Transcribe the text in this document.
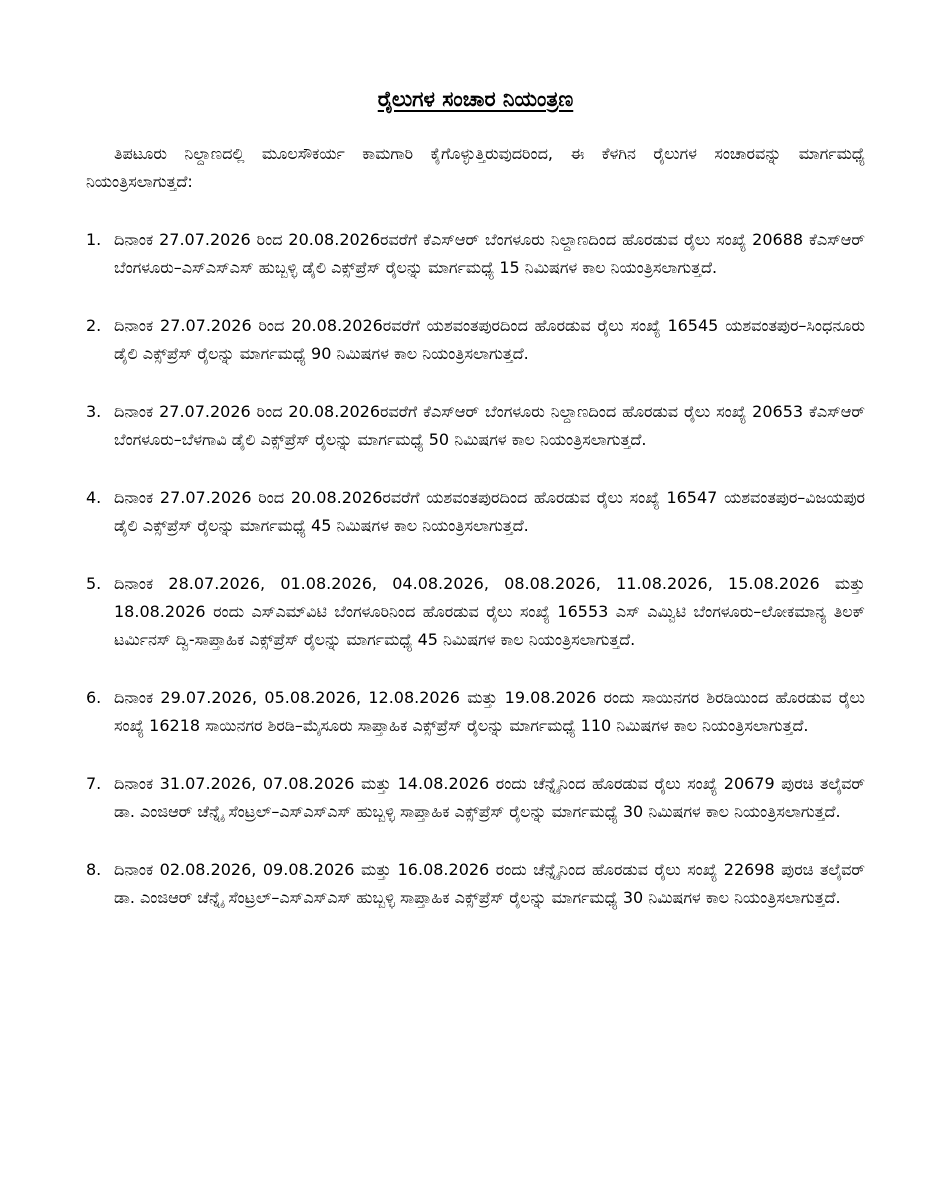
ರೈಲುಗಳ ಸಂಚಾರ ನಿಯಂತ್ರಣ

ತಿಪಟೂರು ನಿಲ್ದಾಣದಲ್ಲಿ ಮೂಲಸೌಕರ್ಯ ಕಾಮಗಾರಿ ಕೈಗೊಳ್ಳುತ್ತಿರುವುದರಿಂದ, ಈ ಕೆಳಗಿನ ರೈಲುಗಳ ಸಂಚಾರವನ್ನು ಮಾರ್ಗಮಧ್ಯೆ ನಿಯಂತ್ರಿಸಲಾಗುತ್ತದೆ:

1. ದಿನಾಂಕ 27.07.2026 ರಿಂದ 20.08.2026ರವರೆಗೆ ಕೆಎಸ್ಆರ್ ಬೆಂಗಳೂರು ನಿಲ್ದಾಣದಿಂದ ಹೊರಡುವ ರೈಲು ಸಂಖ್ಯೆ 20688 ಕೆಎಸ್ಆರ್ ಬೆಂಗಳೂರು–ಎಸ್ಎಸ್ಎಸ್ ಹುಬ್ಬಳ್ಳಿ ಡೈಲಿ ಎಕ್ಸ್‌ಪ್ರೆಸ್ ರೈಲನ್ನು ಮಾರ್ಗಮಧ್ಯೆ 15 ನಿಮಿಷಗಳ ಕಾಲ ನಿಯಂತ್ರಿಸಲಾಗುತ್ತದೆ.
2. ದಿನಾಂಕ 27.07.2026 ರಿಂದ 20.08.2026ರವರೆಗೆ ಯಶವಂತಪುರದಿಂದ ಹೊರಡುವ ರೈಲು ಸಂಖ್ಯೆ 16545 ಯಶವಂತಪುರ–ಸಿಂಧನೂರು ಡೈಲಿ ಎಕ್ಸ್‌ಪ್ರೆಸ್ ರೈಲನ್ನು ಮಾರ್ಗಮಧ್ಯೆ 90 ನಿಮಿಷಗಳ ಕಾಲ ನಿಯಂತ್ರಿಸಲಾಗುತ್ತದೆ.
3. ದಿನಾಂಕ 27.07.2026 ರಿಂದ 20.08.2026ರವರೆಗೆ ಕೆಎಸ್ಆರ್ ಬೆಂಗಳೂರು ನಿಲ್ದಾಣದಿಂದ ಹೊರಡುವ ರೈಲು ಸಂಖ್ಯೆ 20653 ಕೆಎಸ್ಆರ್ ಬೆಂಗಳೂರು–ಬೆಳಗಾವಿ ಡೈಲಿ ಎಕ್ಸ್‌ಪ್ರೆಸ್ ರೈಲನ್ನು ಮಾರ್ಗಮಧ್ಯೆ 50 ನಿಮಿಷಗಳ ಕಾಲ ನಿಯಂತ್ರಿಸಲಾಗುತ್ತದೆ.
4. ದಿನಾಂಕ 27.07.2026 ರಿಂದ 20.08.2026ರವರೆಗೆ ಯಶವಂತಪುರದಿಂದ ಹೊರಡುವ ರೈಲು ಸಂಖ್ಯೆ 16547 ಯಶವಂತಪುರ–ವಿಜಯಪುರ ಡೈಲಿ ಎಕ್ಸ್‌ಪ್ರೆಸ್ ರೈಲನ್ನು ಮಾರ್ಗಮಧ್ಯೆ 45 ನಿಮಿಷಗಳ ಕಾಲ ನಿಯಂತ್ರಿಸಲಾಗುತ್ತದೆ.
5. ದಿನಾಂಕ 28.07.2026, 01.08.2026, 04.08.2026, 08.08.2026, 11.08.2026, 15.08.2026 ಮತ್ತು 18.08.2026 ರಂದು ಎಸ್ಎಮ್‌ವಿಟಿ ಬೆಂಗಳೂರಿನಿಂದ ಹೊರಡುವ ರೈಲು ಸಂಖ್ಯೆ 16553 ಎಸ್ ಎಮ್ವಿಟಿ ಬೆಂಗಳೂರು–ಲೋಕಮಾನ್ಯ ತಿಲಕ್ ಟರ್ಮಿನಸ್ ದ್ವಿ-ಸಾಪ್ತಾಹಿಕ ಎಕ್ಸ್‌ಪ್ರೆಸ್ ರೈಲನ್ನು ಮಾರ್ಗಮಧ್ಯೆ 45 ನಿಮಿಷಗಳ ಕಾಲ ನಿಯಂತ್ರಿಸಲಾಗುತ್ತದೆ.
6. ದಿನಾಂಕ 29.07.2026, 05.08.2026, 12.08.2026 ಮತ್ತು 19.08.2026 ರಂದು ಸಾಯಿನಗರ ಶಿರಡಿಯಿಂದ ಹೊರಡುವ ರೈಲು ಸಂಖ್ಯೆ 16218 ಸಾಯಿನಗರ ಶಿರಡಿ–ಮೈಸೂರು ಸಾಪ್ತಾಹಿಕ ಎಕ್ಸ್‌ಪ್ರೆಸ್ ರೈಲನ್ನು ಮಾರ್ಗಮಧ್ಯೆ 110 ನಿಮಿಷಗಳ ಕಾಲ ನಿಯಂತ್ರಿಸಲಾಗುತ್ತದೆ.
7. ದಿನಾಂಕ 31.07.2026, 07.08.2026 ಮತ್ತು 14.08.2026 ರಂದು ಚೆನ್ನೈನಿಂದ ಹೊರಡುವ ರೈಲು ಸಂಖ್ಯೆ 20679 ಪುರಚಿ ತಲೈವರ್ ಡಾ. ಎಂಜಿಆರ್ ಚೆನ್ನೈ ಸೆಂಟ್ರಲ್–ಎಸ್ಎಸ್ಎಸ್ ಹುಬ್ಬಳ್ಳಿ ಸಾಪ್ತಾಹಿಕ ಎಕ್ಸ್‌ಪ್ರೆಸ್ ರೈಲನ್ನು ಮಾರ್ಗಮಧ್ಯೆ 30 ನಿಮಿಷಗಳ ಕಾಲ ನಿಯಂತ್ರಿಸಲಾಗುತ್ತದೆ.
8. ದಿನಾಂಕ 02.08.2026, 09.08.2026 ಮತ್ತು 16.08.2026 ರಂದು ಚೆನ್ನೈನಿಂದ ಹೊರಡುವ ರೈಲು ಸಂಖ್ಯೆ 22698 ಪುರಚಿ ತಲೈವರ್ ಡಾ. ಎಂಜಿಆರ್ ಚೆನ್ನೈ ಸೆಂಟ್ರಲ್–ಎಸ್ಎಸ್ಎಸ್ ಹುಬ್ಬಳ್ಳಿ ಸಾಪ್ತಾಹಿಕ ಎಕ್ಸ್‌ಪ್ರೆಸ್ ರೈಲನ್ನು ಮಾರ್ಗಮಧ್ಯೆ 30 ನಿಮಿಷಗಳ ಕಾಲ ನಿಯಂತ್ರಿಸಲಾಗುತ್ತದೆ.
